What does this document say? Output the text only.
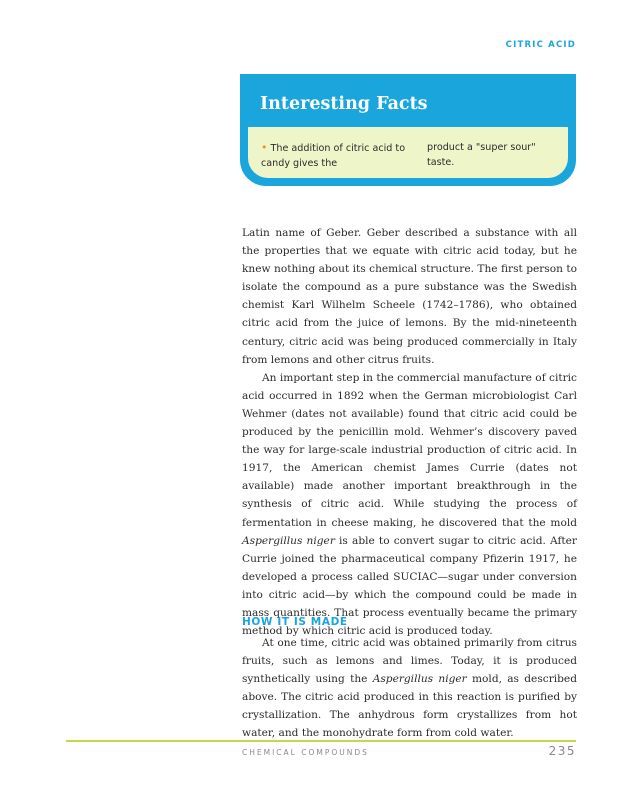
CITRIC ACID
Interesting Facts
• The addition of citric acid to candy gives the
product a "super sour" taste.

Latin name of Geber. Geber described a substance with all the properties that we equate with citric acid today, but he knew nothing about its chemical structure. The first person to isolate the compound as a pure substance was the Swedish chemist Karl Wilhelm Scheele (1742–1786), who obtained citric acid from the juice of lemons. By the mid-nineteenth century, citric acid was being produced commercially in Italy from lemons and other citrus fruits.

An important step in the commercial manufacture of citric acid occurred in 1892 when the German microbiologist Carl Wehmer (dates not available) found that citric acid could be produced by the penicillin mold. Wehmer’s discovery paved the way for large-scale industrial production of citric acid. In 1917, the American chemist James Currie (dates not available) made another important breakthrough in the synthesis of citric acid. While studying the process of fermentation in cheese making, he discovered that the mold Aspergillus niger is able to convert sugar to citric acid. After Currie joined the pharmaceutical company Pfizerin 1917, he developed a process called SUCIAC—sugar under conversion into citric acid—by which the compound could be made in mass quantities. That process eventually became the primary method by which citric acid is produced today.

HOW IT IS MADE

At one time, citric acid was obtained primarily from citrus fruits, such as lemons and limes. Today, it is produced synthetically using the Aspergillus niger mold, as described above. The citric acid produced in this reaction is purified by crystallization. The anhydrous form crystallizes from hot water, and the monohydrate form from cold water.

CHEMICAL COMPOUNDS	235
